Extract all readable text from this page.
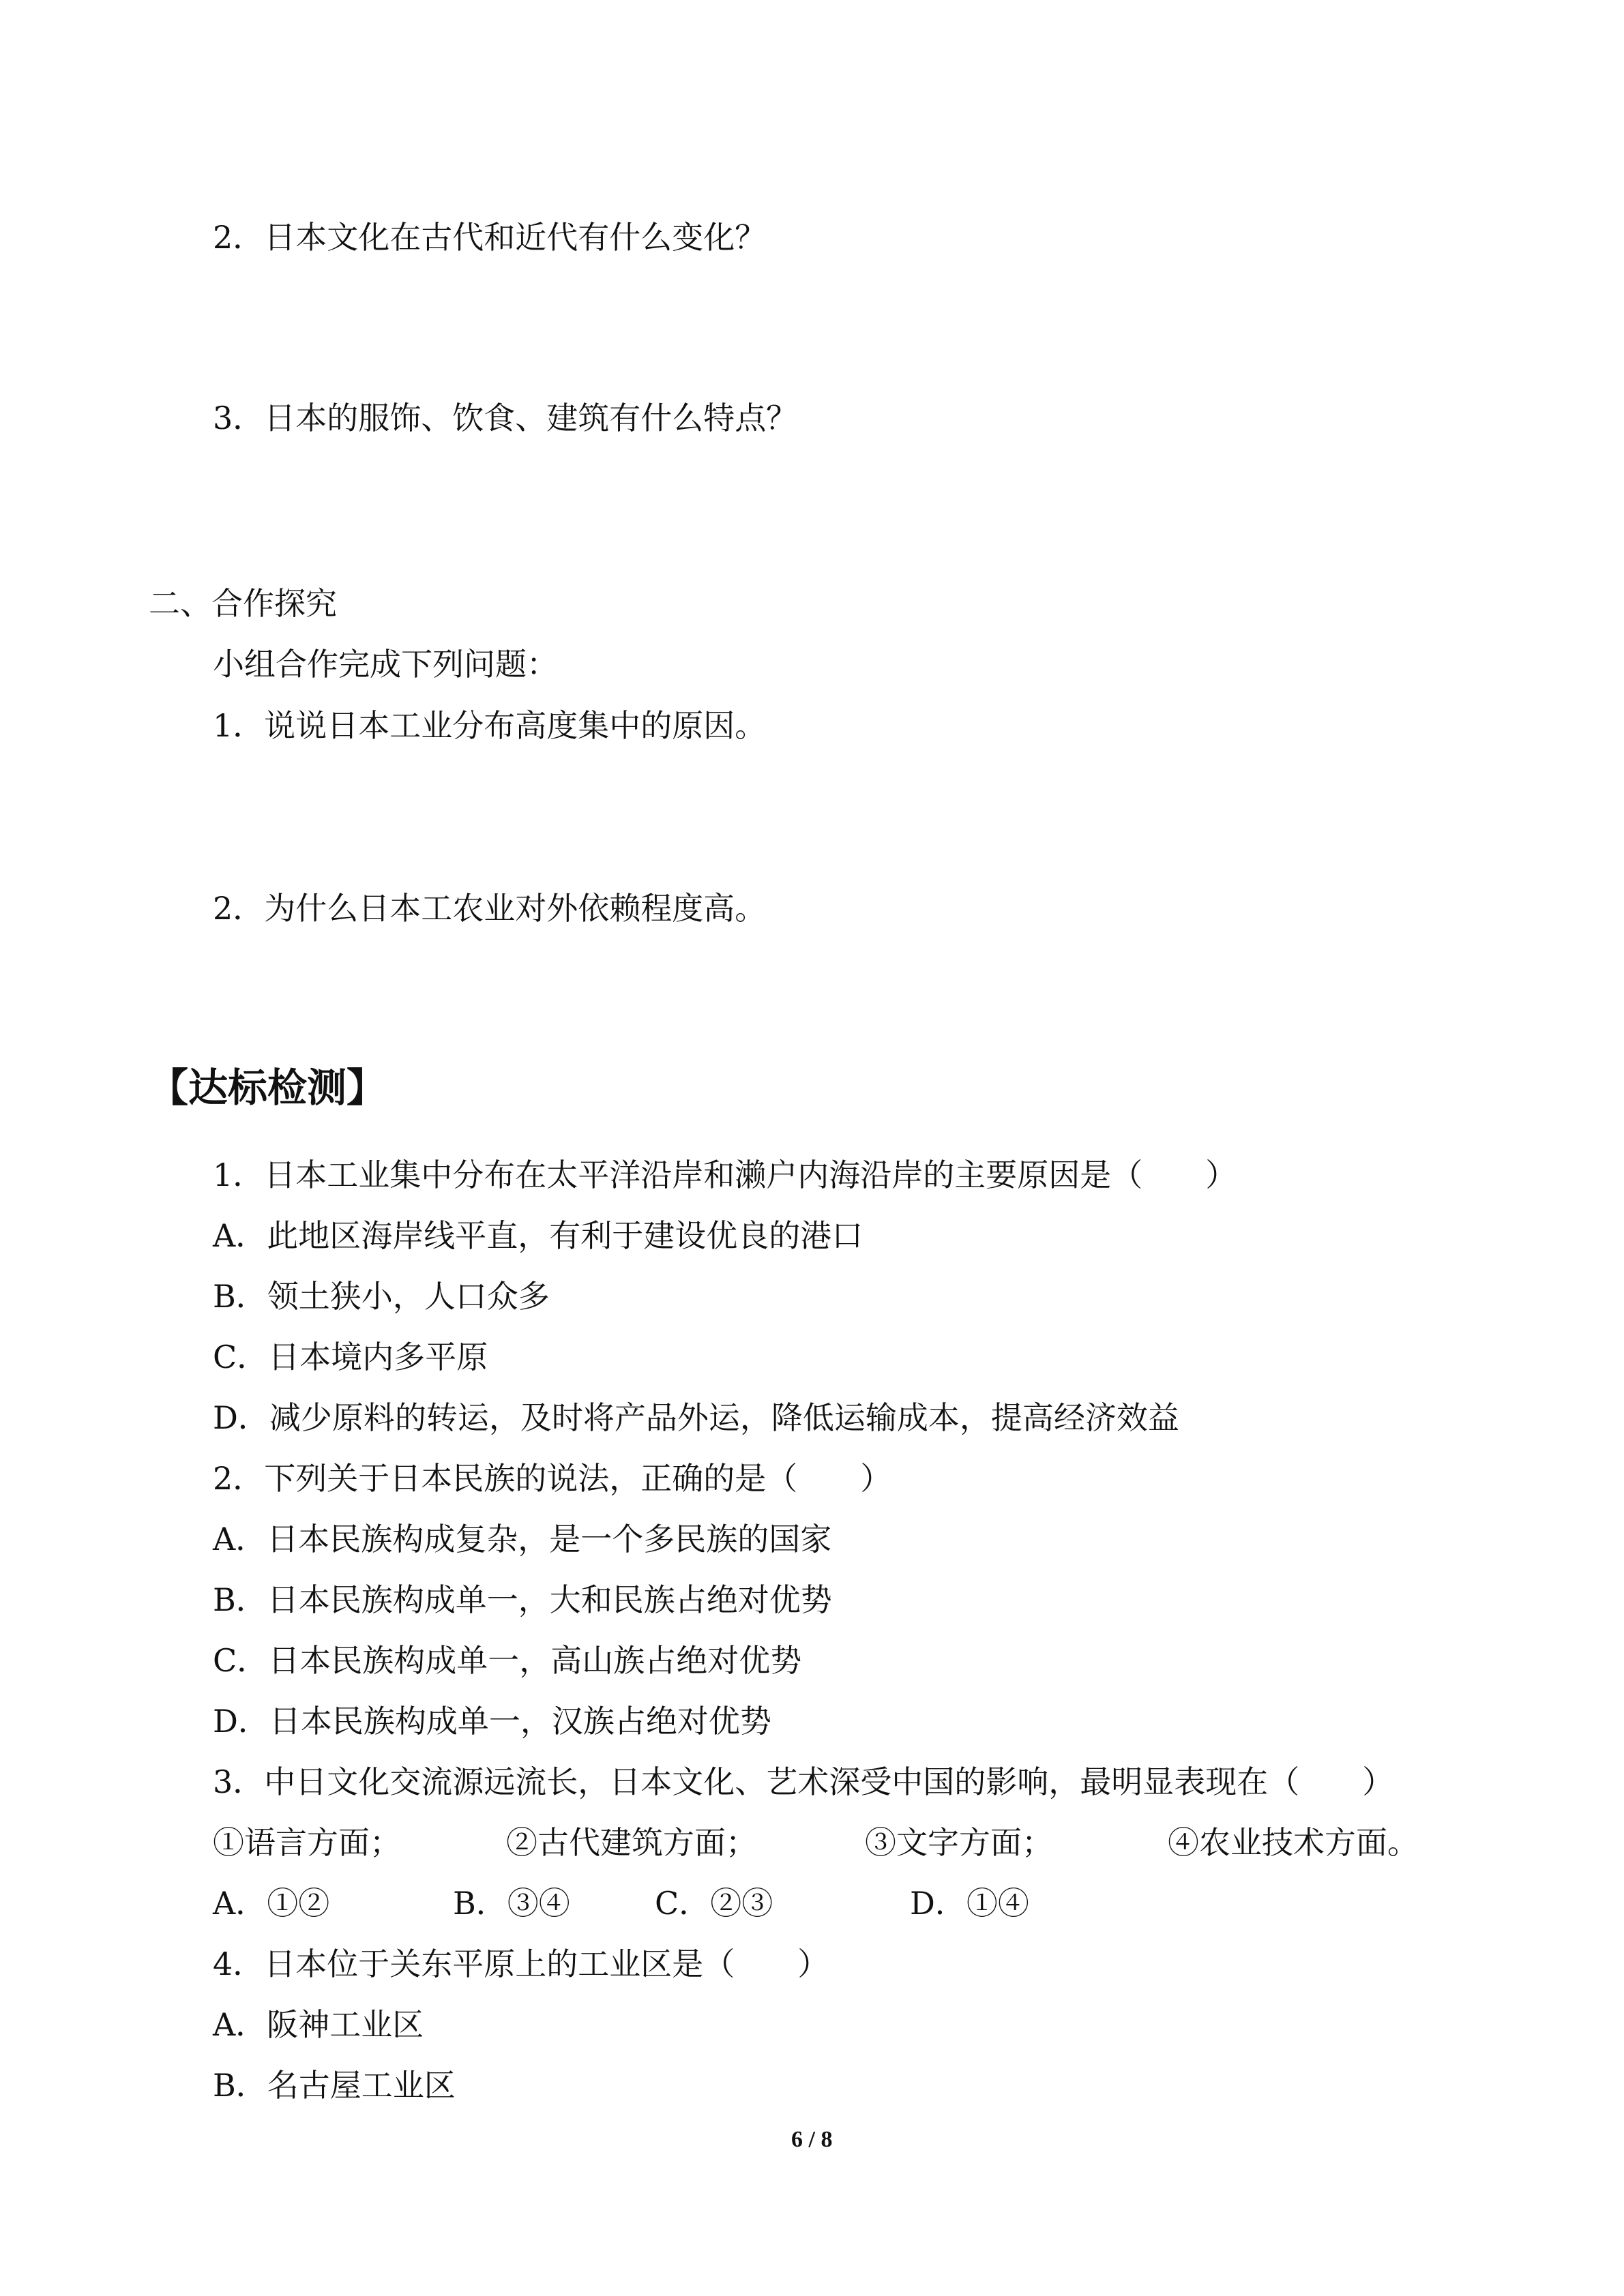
2．日本文化在古代和近代有什么变化？
3．日本的服饰、饮食、建筑有什么特点？
二、合作探究
小组合作完成下列问题：
1．说说日本工业分布高度集中的原因。
2．为什么日本工农业对外依赖程度高。
【达标检测】
1．日本工业集中分布在太平洋沿岸和濑户内海沿岸的主要原因是（　　）
A．此地区海岸线平直，有利于建设优良的港口
B．领土狭小，人口众多
C．日本境内多平原
D．减少原料的转运，及时将产品外运，降低运输成本，提高经济效益
2．下列关于日本民族的说法，正确的是（　　）
A．日本民族构成复杂，是一个多民族的国家
B．日本民族构成单一，大和民族占绝对优势
C．日本民族构成单一，高山族占绝对优势
D．日本民族构成单一，汉族占绝对优势
3．中日文化交流源远流长，日本文化、艺术深受中国的影响，最明显表现在（　　）
①语言方面；	②古代建筑方面；	③文字方面；	④农业技术方面。
A．①②	B．③④	C．②③	D．①④
4．日本位于关东平原上的工业区是（　　）
A．阪神工业区
B．名古屋工业区
6 / 8
